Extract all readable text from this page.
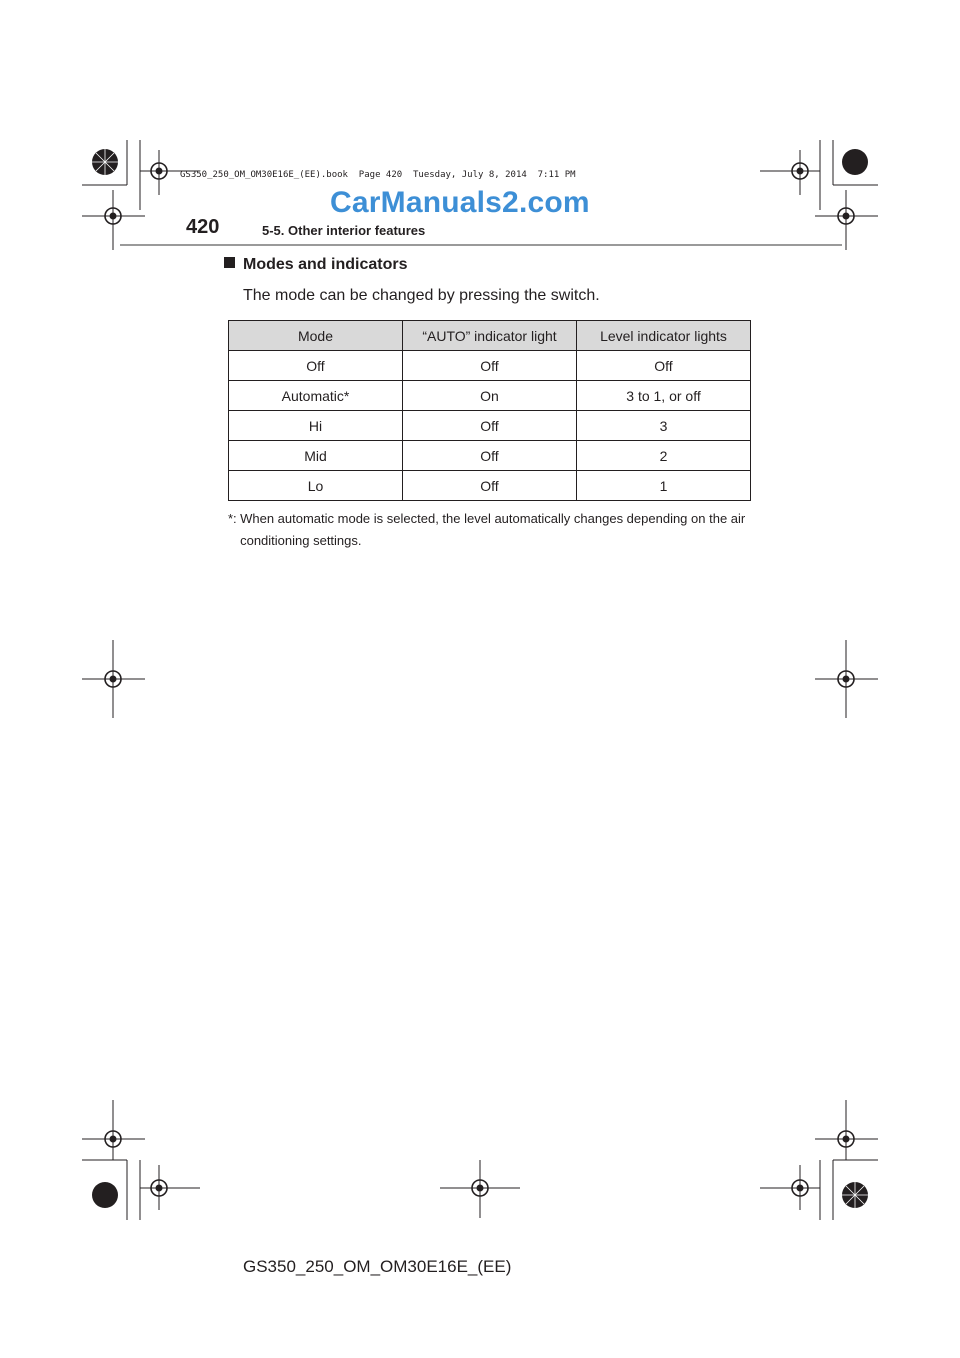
GS350_250_OM_OM30E16E_(EE).book  Page 420  Tuesday, July 8, 2014  7:11 PM
CarManuals2.com
420	5-5. Other interior features
Modes and indicators
The mode can be changed by pressing the switch.
Mode	“AUTO” indicator light	Level indicator lights
Off	Off	Off
Automatic*	On	3 to 1, or off
Hi	Off	3
Mid	Off	2
Lo	Off	1
*: When automatic mode is selected, the level automatically changes depending on the air conditioning settings.
GS350_250_OM_OM30E16E_(EE)
